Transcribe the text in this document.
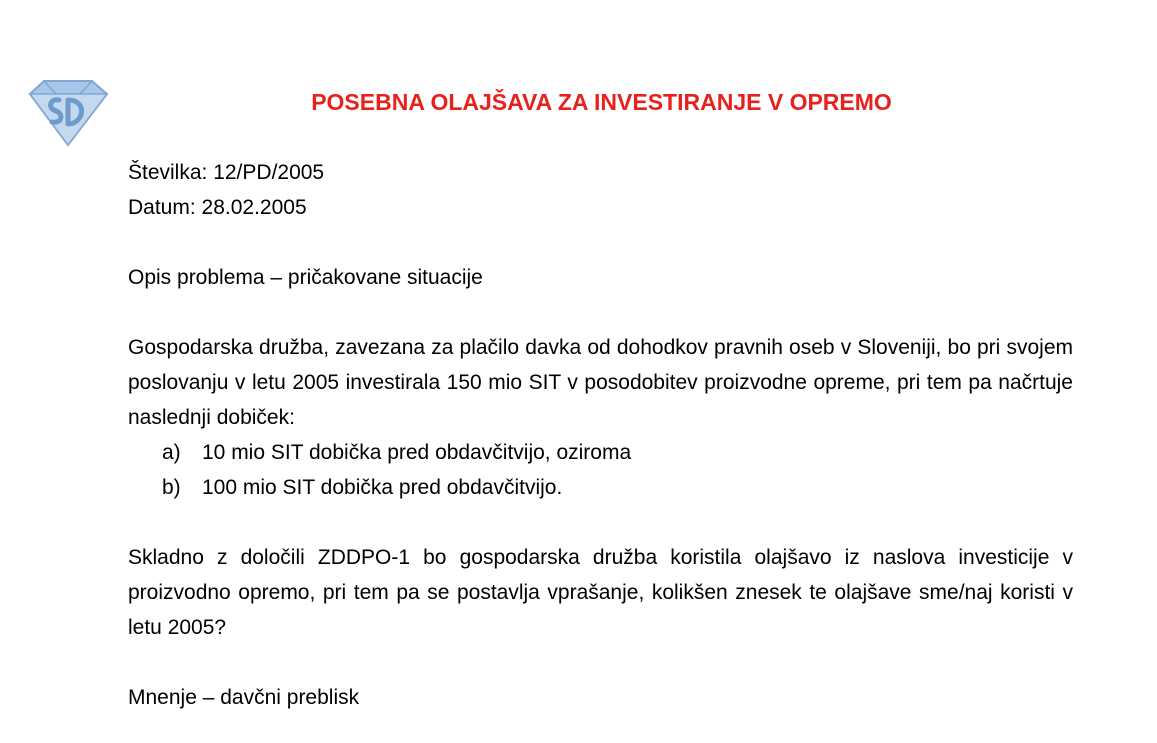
POSEBNA OLAJŠAVA ZA INVESTIRANJE V OPREMO

Številka: 12/PD/2005

Datum: 28.02.2005

Opis problema – pričakovane situacije

Gospodarska družba, zavezana za plačilo davka od dohodkov pravnih oseb v Sloveniji, bo pri svojem poslovanju v letu 2005 investirala 150 mio SIT v posodobitev proizvodne opreme, pri tem pa načrtuje naslednji dobiček:

a) 10 mio SIT dobička pred obdavčitvijo, oziroma
b) 100 mio SIT dobička pred obdavčitvijo.

Skladno z določili ZDDPO-1 bo gospodarska družba koristila olajšavo iz naslova investicije v proizvodno opremo, pri tem pa se postavlja vprašanje, kolikšen znesek te olajšave sme/naj koristi v letu 2005?

Mnenje – davčni preblisk
